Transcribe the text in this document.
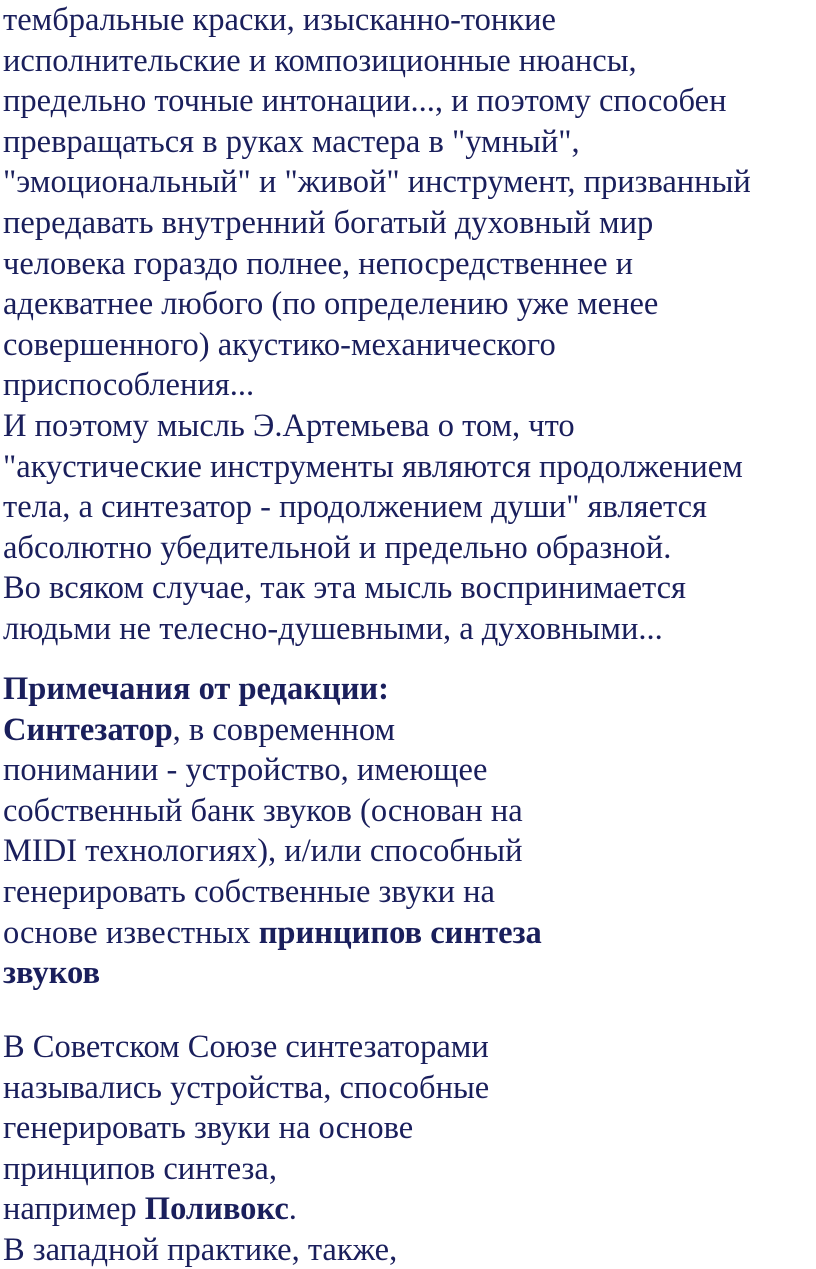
тембральные краски, изысканно-тонкие
исполнительские и композиционные нюансы,
предельно точные интонации..., и поэтому способен
превращаться в руках мастера в "умный",
"эмоциональный" и "живой" инструмент, призванный
передавать внутренний богатый духовный мир
человека гораздо полнее, непосредственнее и
адекватнее любого (по определению уже менее
совершенного) акустико-механического
приспособления...
И поэтому мысль Э.Артемьева о том, что
"акустические инструменты являются продолжением
тела, а синтезатор - продолжением души" является
абсолютно убедительной и предельно образной.
Во всяком случае, так эта мысль воспринимается
людьми не телесно-душевными, а духовными...
Примечания от редакции:
Синтезатор, в современном
понимании - устройство, имеющее
собственный банк звуков (основан на
MIDI технологиях), и/или способный
генерировать собственные звуки на
основе известных принципов синтеза
звуков
В Советском Союзе синтезаторами
назывались устройства, способные
генерировать звуки на основе
принципов синтеза,
например Поливокс.
В западной практике, также,
